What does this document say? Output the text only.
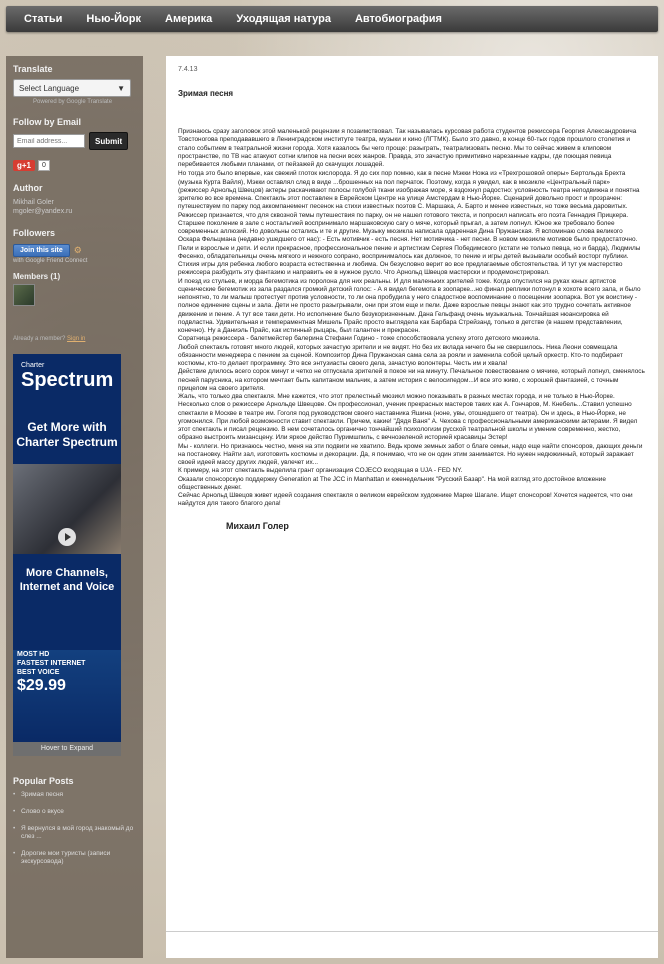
Статьи	Нью-Йорк	Америка	Уходящая натура	Автобиография
Translate
Select Language	▼
Powered by Google Translate
Follow by Email
Email address...
Submit
g+1	0
Author
Mikhail Goler
mgoler@yandex.ru
Followers
Join this site	⚙
with Google Friend Connect
Members (1)
Already a member? Sign in
Charter
Spectrum
Get More with Charter Spectrum
More Channels, Internet and Voice
MOST HD
FASTEST INTERNET
BEST VOICE
$29.99
Hover to Expand
Popular Posts
• Зримая песня
• Слово о вкусе
• Я вернулся в мой город знакомый до слез ...
• Дорогие мои туристы (записи экскурсовода)
7.4.13
Зримая песня

Признаюсь сразу заголовок этой маленькой рецензии я позаимствовал. Так называлась курсовая работа студентов режиссера Георгия Александровича Товстоногова преподававшего в Ленинградском институте театра, музыки и кино (ЛГТМК). Было это давно, в конце 60-тых годов прошлого столетия и стало событием в театральной жизни города. Хотя казалось бы чего проще: разыграть, театрализовать песню. Мы то сейчас живем в клиповом пространстве, по ТВ нас атакуют сотни клипов на песни всех жанров. Правда, это зачастую примитивно нарезанные кадры, где поющая певица перебивается любыми планами, от пейзажей до скачущих лошадей.

Но тогда это было впервые, как свежий глоток кислорода. Я до сих пор помню, как в песне Мэкки Ножа из «Трехгрошовой оперы» Бертольда Брехта (музыка Курта Вайля), Мэкки оставлял след в виде ...брошенных на пол перчаток. Поэтому, когда я увидел, как в мюзикле «Центральный парк»

(режиссер Арнольд Швецов) актеры раскачивают полосы голубой ткани изображая море, я вздохнул радостно: условность театра неподвижна и понятна зрителю во все времена. Спектакль этот поставлен в Еврейском Центре на улице Амстердам в Нью-Йорке. Сценарий довольно прост и прозрачен: путешествуем по парку под аккомпанемент песенок на стихи известных поэтов С. Маршака, А. Барто и менее известных, но тоже весьма даровитых. Режиссер признается, что для сквозной темы путешествия по парку, он не нашел готового текста, и попросил написать его поэта Геннадия Прицкера. Старшее поколение в зале с ностальгией воспринимало маршаковскую сагу о мяче, который прыгал, а затем лопнул. Юное же требовало более современных аллюзий. Но довольны остались и те и другие. Музыку мюзикла написала одаренная Дина Пружанская. Я вспоминаю слова великого Оскара Фельцмана (недавно ушедшего от нас): - Есть мотивчик - есть песня. Нет мотивчика - нет песни. В новом мюзикле мотивов было предостаточно. Пели и взрослые и дети. И если прекрасное, профессиональное пение и артистизм Сергея Победимского (кстати не только певца, но и барда), Людмилы Фесенко, обладательницы очень мягкого и нежного сопрано, воспринималось как должное, то пение и игры детей вызывали особый восторг публики. Стихия игры для ребенка любого возраста естественна и любима. Он безусловно верит во все предлагаемые обстоятельства. И тут уж мастерство режиссера разбудить эту фантазию и направить ее в нужное русло. Что Арнольд Швецов мастерски и продемонстрировал.

И поезд из стульев, и морда бегемотика из поролона для них реальны. И для маленьких зрителей тоже. Когда опустился на руках юных артистов сценические бегемотик из зала раздался громкий детский голос: - А я видел бегемота в зоопарке...но финал реплики потонул в хохоте всего зала, и было непонятно, то ли малыш протестует против условности, то ли она пробудила у него сладостное воспоминание о посещении зоопарка. Вот уж воистину - полное единение сцены и зала. Дети не просто разыгрывали, они при этом еще и пели. Даже взрослые певцы знают как это трудно сочетать активное движение и пение. А тут все таки дети. Но исполнение было безукоризненным. Дана Гельфанд очень музыкальна. Тончайшая нюансировка ей подвластна. Удивительная и темпераментная Мишель Прайс просто выглядела как Барбара Стрейзанд, только в детстве (в нашем представлении, конечно). Ну а Даниэль Прайс, как истинный рыцарь, был галантен и прекрасен.

Соратница режиссера - балетмейстер балерина Стефани Годино - тоже способствовала успеху этого детского мюзикла.

Любой спектакль готовят много людей, которых зачастую зрители и не видят. Но без их вклада ничего бы не свершилось. Ника Леони совмещала обязанности менеджера с пением за сценой. Композитор Дина Пружанская сама села за рояли и заменила собой целый оркестр. Кто-то подбирает костюмы, кто-то делает программку. Это все энтузиасты своего дела, зачастую волонтеры. Честь им и хвала!

Действие длилось всего сорок минут и четко не отпускала зрителей в покое ни на минуту. Печальное повествование о мячике, который лопнул, сменялось песней парусника, на котором мечтает быть капитаном мальчик, а затем история с велосипедом...И все это живо, с хорошей фантазией, с точным прицелом на своего зрителя.

Жаль, что только два спектакля. Мне кажется, что этот прелестный мюзикл можно показывать в разных местах города, и не только в Нью-Йорке.

Несколько слов о режиссере Арнольде Швецове. Он профессионал, ученик прекрасных мастеров таких как А. Гончаров, М. Кнебель...Ставил успешно спектакли в Москве в театре им. Гоголя под руководством своего наставника Яшина (ноне, увы, отошедшего от театра). Он и здесь, в Нью-Йорке, не угомонился. При любой возможности ставит спектакли. Причем, какие! "Дядя Ваня" А. Чехова с профессиональными американскими актерами. Я видел этот спектакль и писал рецензию. В нем сочеталось органично тончайший психологизм русской театральной школы и умение современно, жестко, образно выстроить мизансцену. Или яркое действо Пуримшпиль, с вечнозеленой историей красавицы Эстер!

Мы - коллеги. Но признаюсь честно, меня на эти подвиги не хватило. Ведь кроме земных забот о благе семьи, надо еще найти спонсоров, дающих деньги на постановку. Найти зал, изготовить костюмы и декорации. Да, я понимаю, что не он один этим занимается. Но нужен недюжинный, который заражает своей идеей массу других людей, увлечет их...

К примеру, на этот спектакль выделила грант организация COJECO входящая в UJA - FED NY.

Оказали спонсорскую поддержку Generation at The JCC in Manhattan и еженедельник "Русский Базар". На мой взгляд это достойное вложение общественных денег.

Сейчас Арнольд Швецов живет идеей создания спектакля о великом еврейском художнике Марке Шагале. Ищет спонсоров! Хочется надеется, что они найдутся для такого благого дела!

Михаил Голер
